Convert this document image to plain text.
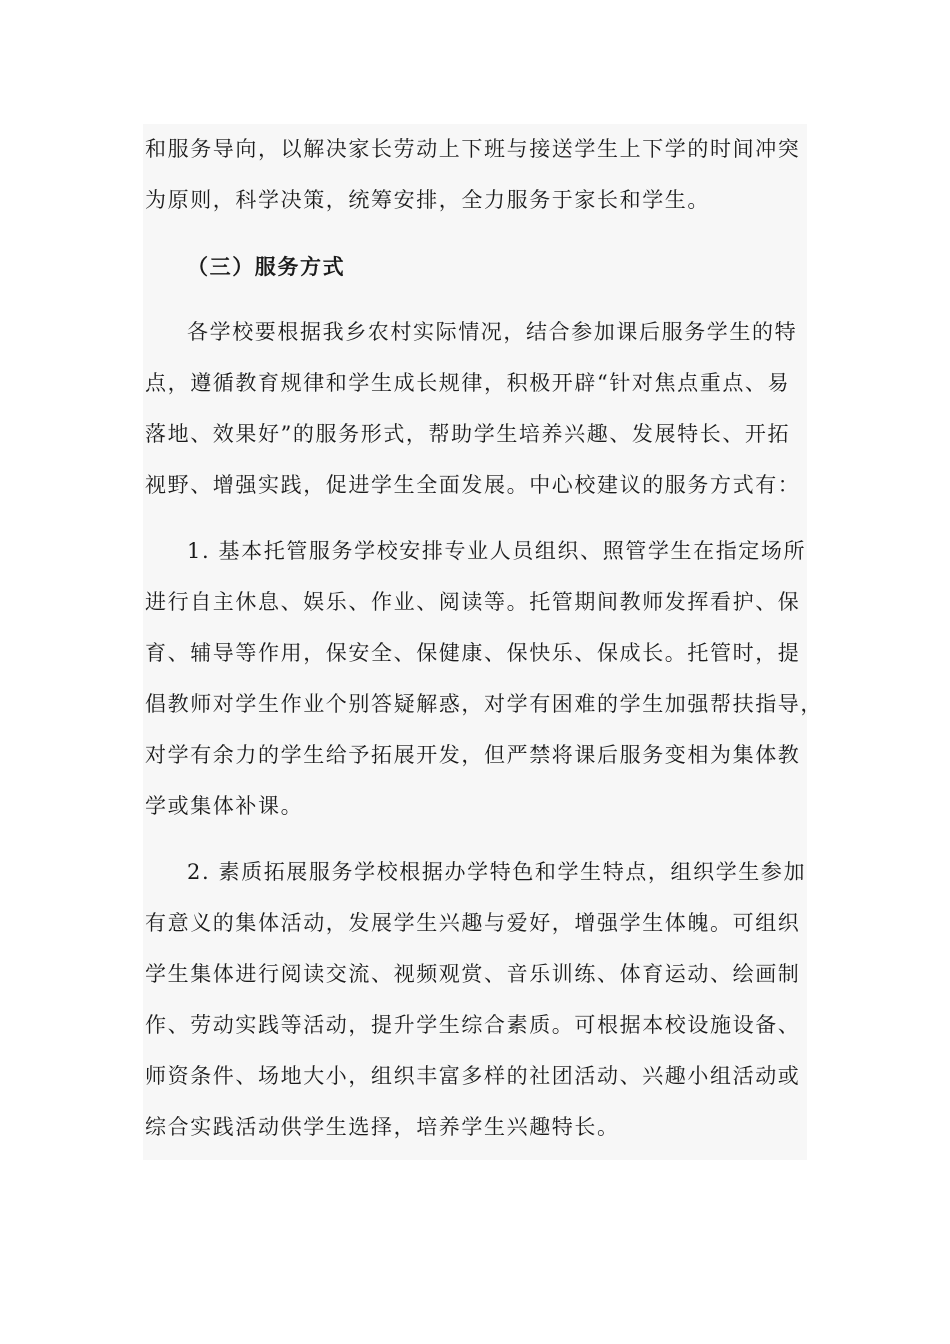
和服务导向，以解决家长劳动上下班与接送学生上下学的时间冲突
为原则，科学决策，统筹安排，全力服务于家长和学生。
（三）服务方式
各学校要根据我乡农村实际情况，结合参加课后服务学生的特
点，遵循教育规律和学生成长规律，积极开辟“针对焦点重点、易
落地、效果好”的服务形式，帮助学生培养兴趣、发展特长、开拓
视野、增强实践，促进学生全面发展。中心校建议的服务方式有：
1. 基本托管服务学校安排专业人员组织、照管学生在指定场所
进行自主休息、娱乐、作业、阅读等。托管期间教师发挥看护、保
育、辅导等作用，保安全、保健康、保快乐、保成长。托管时，提
倡教师对学生作业个别答疑解惑，对学有困难的学生加强帮扶指导，
对学有余力的学生给予拓展开发，但严禁将课后服务变相为集体教
学或集体补课。
2. 素质拓展服务学校根据办学特色和学生特点，组织学生参加
有意义的集体活动，发展学生兴趣与爱好，增强学生体魄。可组织
学生集体进行阅读交流、视频观赏、音乐训练、体育运动、绘画制
作、劳动实践等活动，提升学生综合素质。可根据本校设施设备、
师资条件、场地大小，组织丰富多样的社团活动、兴趣小组活动或
综合实践活动供学生选择，培养学生兴趣特长。
